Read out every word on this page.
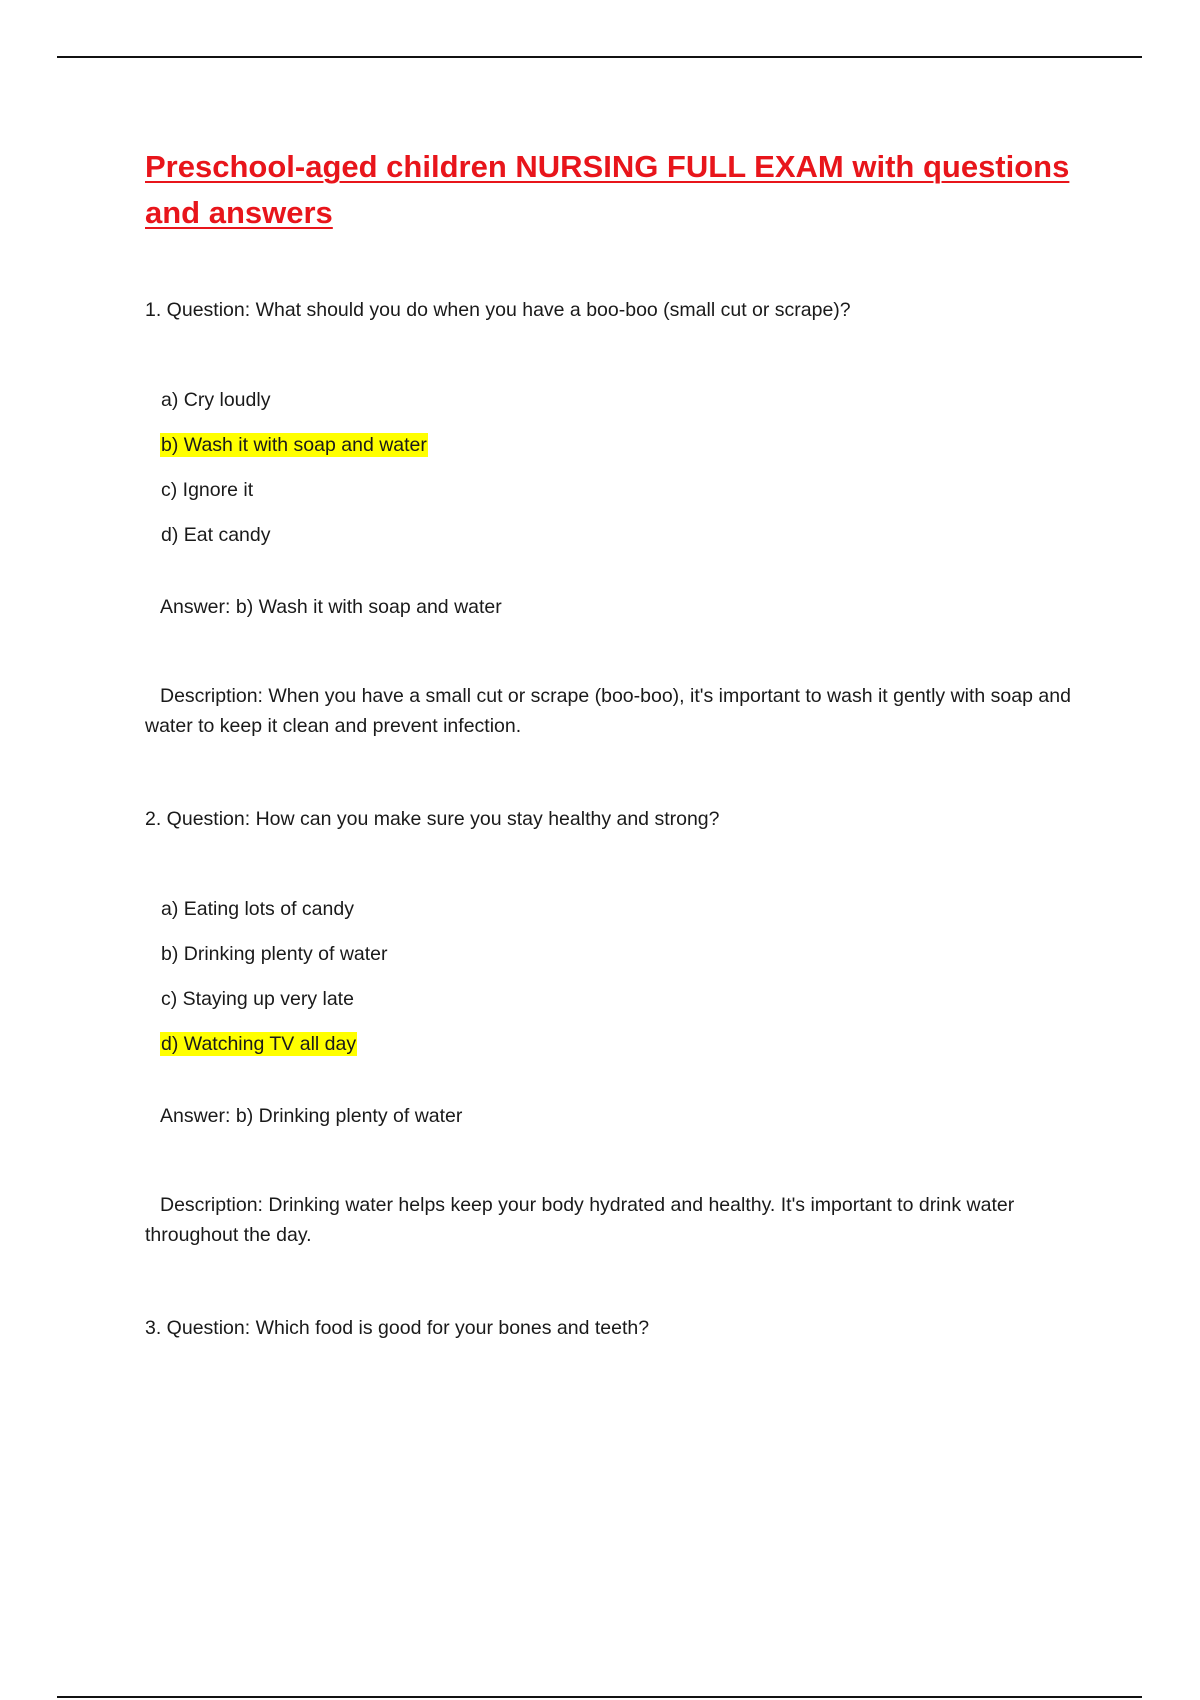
Preschool-aged children NURSING FULL EXAM with questions and answers

1. Question: What should you do when you have a boo-boo (small cut or scrape)?

a) Cry loudly
b) Wash it with soap and water
c) Ignore it
d) Eat candy

Answer: b) Wash it with soap and water

Description: When you have a small cut or scrape (boo-boo), it's important to wash it gently with soap and water to keep it clean and prevent infection.

2. Question: How can you make sure you stay healthy and strong?

a) Eating lots of candy
b) Drinking plenty of water
c) Staying up very late
d) Watching TV all day

Answer: b) Drinking plenty of water

Description: Drinking water helps keep your body hydrated and healthy. It's important to drink water throughout the day.

3. Question: Which food is good for your bones and teeth?
